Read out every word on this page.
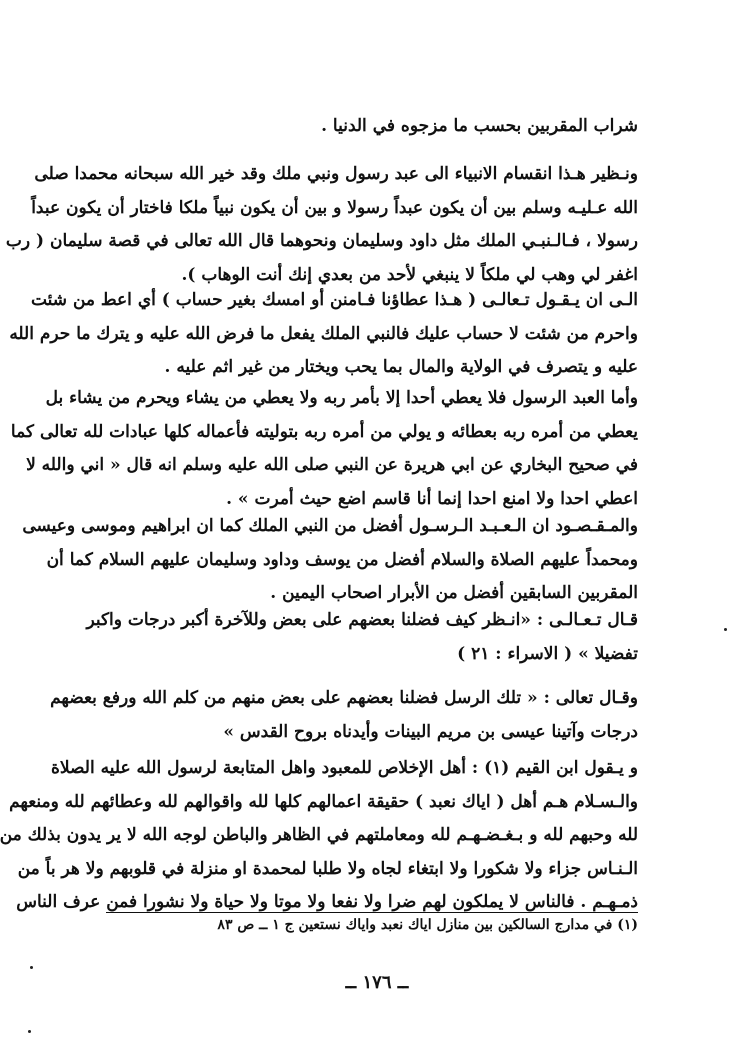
شراب المقربين بحسب ما مزجوه في الدنيا .
ونـظير هـذا انقسام الانبياء الى عبد رسول ونبي ملك وقد خير الله سبحانه محمدا صلى
الله عـليـه وسلم بين أن يكون عبداً رسولا و بين أن يكون نبياً ملكا فاختار أن يكون عبداً
رسولا ، فـالـنبـي الملك مثل داود وسليمان ونحوهما قال الله تعالى في قصة سليمان ( رب
اغفر لي وهب لي ملكاً لا ينبغي لأحد من بعدي إنك أنت الوهاب ).
الـى ان يـقـول تـعالـى ( هـذا عطاؤنا فـامنن أو امسك بغير حساب ) أي اعط من شئت
واحرم من شئت لا حساب عليك فالنبي الملك يفعل ما فرض الله عليه و يترك ما حرم الله
عليه و يتصرف في الولاية والمال بما يحب ويختار من غير اثم عليه .
وأما العبد الرسول فلا يعطي أحدا إلا بأمر ربه ولا يعطي من يشاء ويحرم من يشاء بل
يعطي من أمره ربه بعطائه و يولي من أمره ربه بتوليته فأعماله كلها عبادات لله تعالى كما
في صحيح البخاري عن ابي هريرة عن النبي صلى الله عليه وسلم انه قال « اني والله لا
اعطي احدا ولا امنع احدا إنما أنا قاسم اضع حيث أمرت » .
والمـقـصـود ان الـعـبـد الـرسـول أفضل من النبي الملك كما ان ابراهيم وموسى وعيسى
ومحمداً عليهم الصلاة والسلام أفضل من يوسف وداود وسليمان عليهم السلام كما أن
المقربين السابقين أفضل من الأبرار اصحاب اليمين .
قـال تـعـالـى : «انـظر كيف فضلنا بعضهم على بعض وللآخرة أكبر درجات واكبر
تفضيلا » ( الاسراء : ٢١ )
وقـال تعالى : « تلك الرسل فضلنا بعضهم على بعض منهم من كلم الله ورفع بعضهم
درجات وآتينا عيسى بن مريم البينات وأيدناه بروح القدس »
و يـقول ابن القيم (١) : أهل الإخلاص للمعبود واهل المتابعة لرسول الله عليه الصلاة
والـسـلام هـم أهل ( اياك نعبد ) حقيقة اعمالهم كلها لله واقوالهم لله وعطائهم لله ومنعهم
لله وحبهم لله و بـغـضـهـم لله ومعاملتهم في الظاهر والباطن لوجه الله لا ير يدون بذلك من
الـنـاس جزاء ولا شكورا ولا ابتغاء لجاه ولا طلبا لمحمدة او منزلة في قلوبهم ولا هر باً من
ذمـهـم . فالناس لا يملكون لهم ضرا ولا نفعا ولا موتا ولا حياة ولا نشورا فمن عرف الناس
(١) في مدارج السالكين بين منازل اياك نعبد واياك نستعين ج ١ ــ ص ٨٣
ــ ١٧٦ ــ
